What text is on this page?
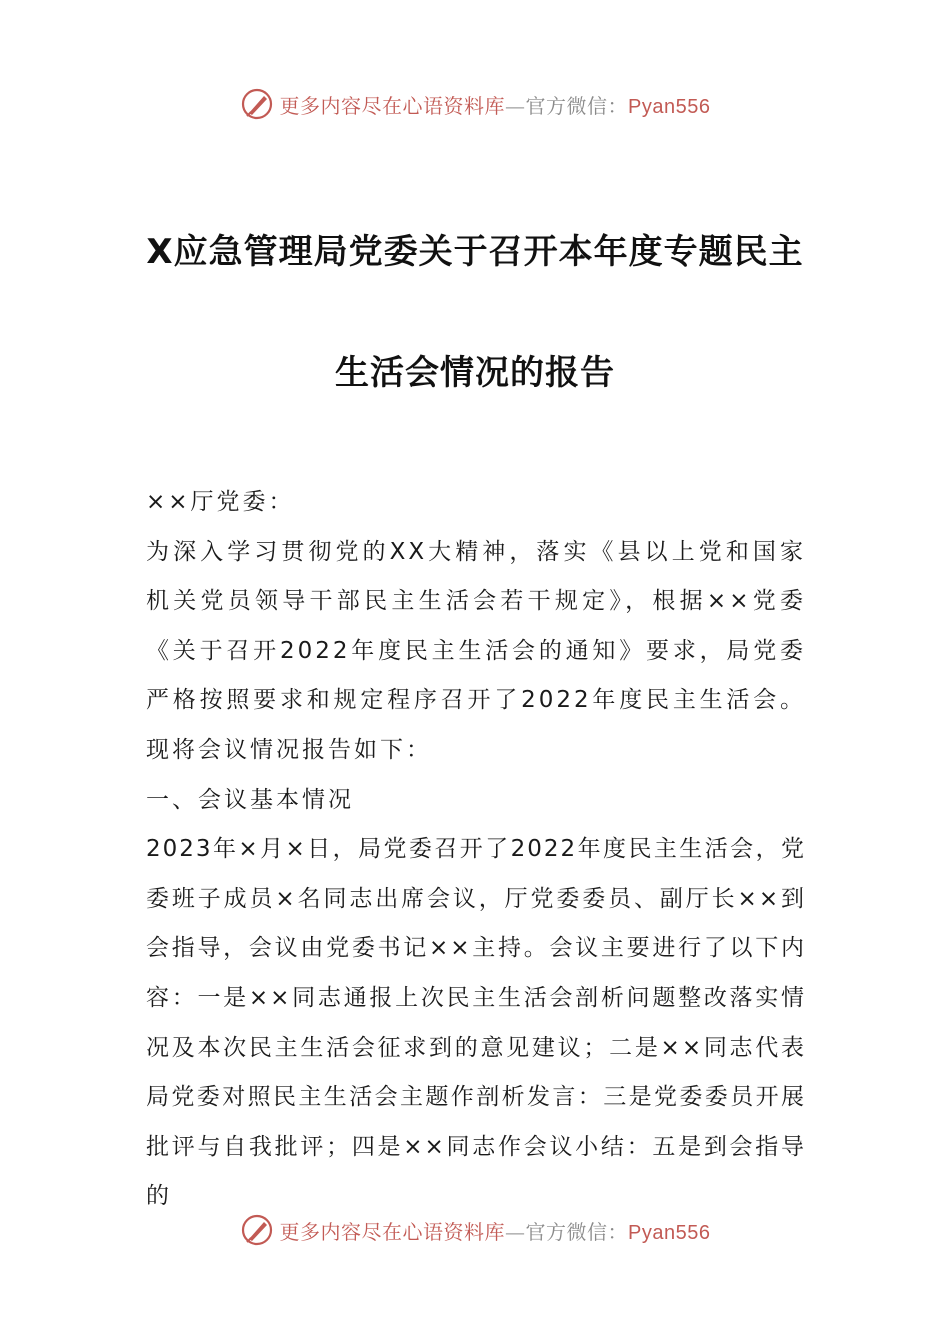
更多内容尽在心语资料库—官方微信：Pyan556
X应急管理局党委关于召开本年度专题民主
生活会情况的报告

××厅党委：

为深入学习贯彻党的XX大精神，落实《县以上党和国家机关党员领导干部民主生活会若干规定》，根据××党委《关于召开2022年度民主生活会的通知》要求，局党委严格按照要求和规定程序召开了2022年度民主生活会。现将会议情况报告如下：

一、会议基本情况

2023年×月×日，局党委召开了2022年度民主生活会，党委班子成员×名同志出席会议，厅党委委员、副厅长××到会指导，会议由党委书记××主持。会议主要进行了以下内容：一是××同志通报上次民主生活会剖析问题整改落实情况及本次民主生活会征求到的意见建议；二是××同志代表局党委对照民主生活会主题作剖析发言：三是党委委员开展批评与自我批评；四是××同志作会议小结：五是到会指导的

更多内容尽在心语资料库—官方微信：Pyan556
